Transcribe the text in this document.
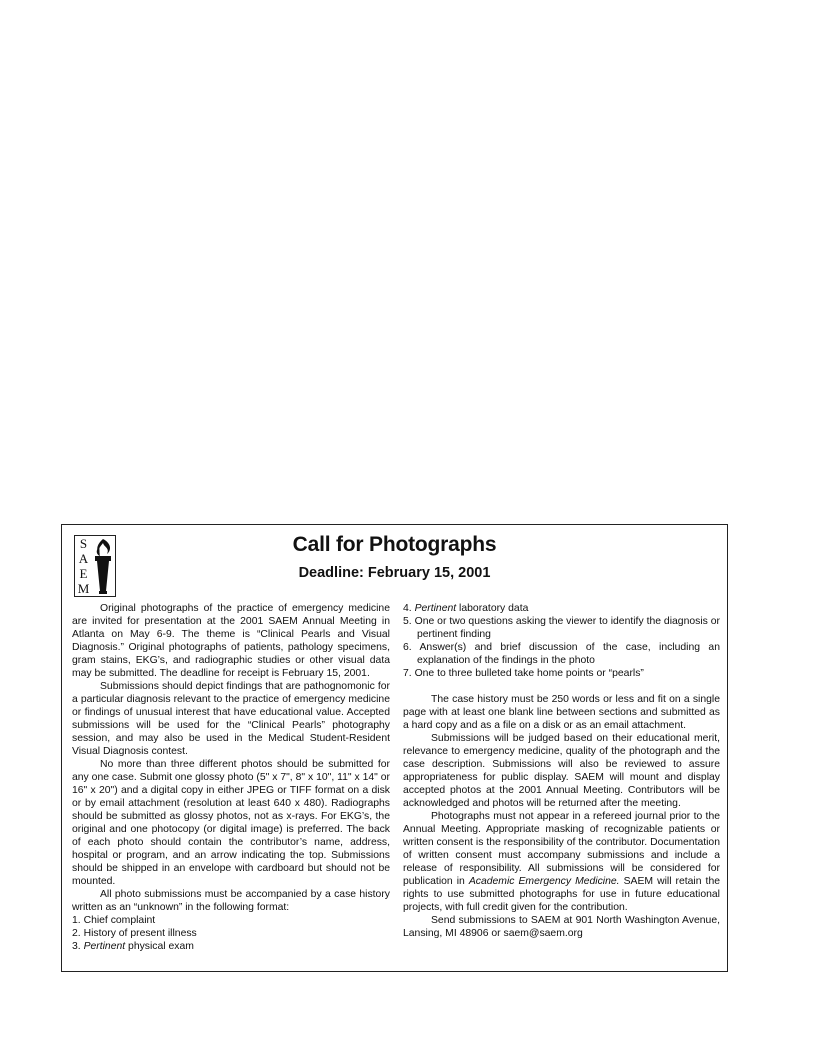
S
A
E
M
Call for Photographs
Deadline: February 15, 2001

Original photographs of the practice of emergency medicine are invited for presentation at the 2001 SAEM Annual Meeting in Atlanta on May 6-9. The theme is “Clinical Pearls and Visual Diagnosis.” Original photographs of patients, pathology specimens, gram stains, EKG’s, and radiographic studies or other visual data may be submitted. The deadline for receipt is February 15, 2001.

Submissions should depict findings that are pathognomonic for a particular diagnosis relevant to the practice of emergency medicine or findings of unusual interest that have educational value. Accepted submissions will be used for the “Clinical Pearls” photography session, and may also be used in the Medical Student-Resident Visual Diagnosis contest.

No more than three different photos should be submitted for any one case. Submit one glossy photo (5" x 7", 8" x 10", 11" x 14" or 16" x 20") and a digital copy in either JPEG or TIFF format on a disk or by email attachment (resolution at least 640 x 480). Radiographs should be submitted as glossy photos, not as x-rays. For EKG’s, the original and one photocopy (or digital image) is preferred. The back of each photo should contain the contributor’s name, address, hospital or program, and an arrow indicating the top. Submissions should be shipped in an envelope with cardboard but should not be mounted.

All photo submissions must be accompanied by a case history written as an “unknown” in the following format:

1. Chief complaint
2. History of present illness
3. Pertinent physical exam
4. Pertinent laboratory data
5. One or two questions asking the viewer to identify the diagnosis or pertinent finding
6. Answer(s) and brief discussion of the case, including an explanation of the findings in the photo
7. One to three bulleted take home points or “pearls”

The case history must be 250 words or less and fit on a single page with at least one blank line between sections and submitted as a hard copy and as a file on a disk or as an email attachment.

Submissions will be judged based on their educational merit, relevance to emergency medicine, quality of the photograph and the case description. Submissions will also be reviewed to assure appropriateness for public display. SAEM will mount and display accepted photos at the 2001 Annual Meeting. Contributors will be acknowledged and photos will be returned after the meeting.

Photographs must not appear in a refereed journal prior to the Annual Meeting. Appropriate masking of recognizable patients or written consent is the responsibility of the contributor. Documentation of written consent must accompany submissions and include a release of responsibility. All submissions will be considered for publication in Academic Emergency Medicine. SAEM will retain the rights to use submitted photographs for use in future educational projects, with full credit given for the contribution.

Send submissions to SAEM at 901 North Washington Avenue, Lansing, MI 48906 or saem@saem.org
